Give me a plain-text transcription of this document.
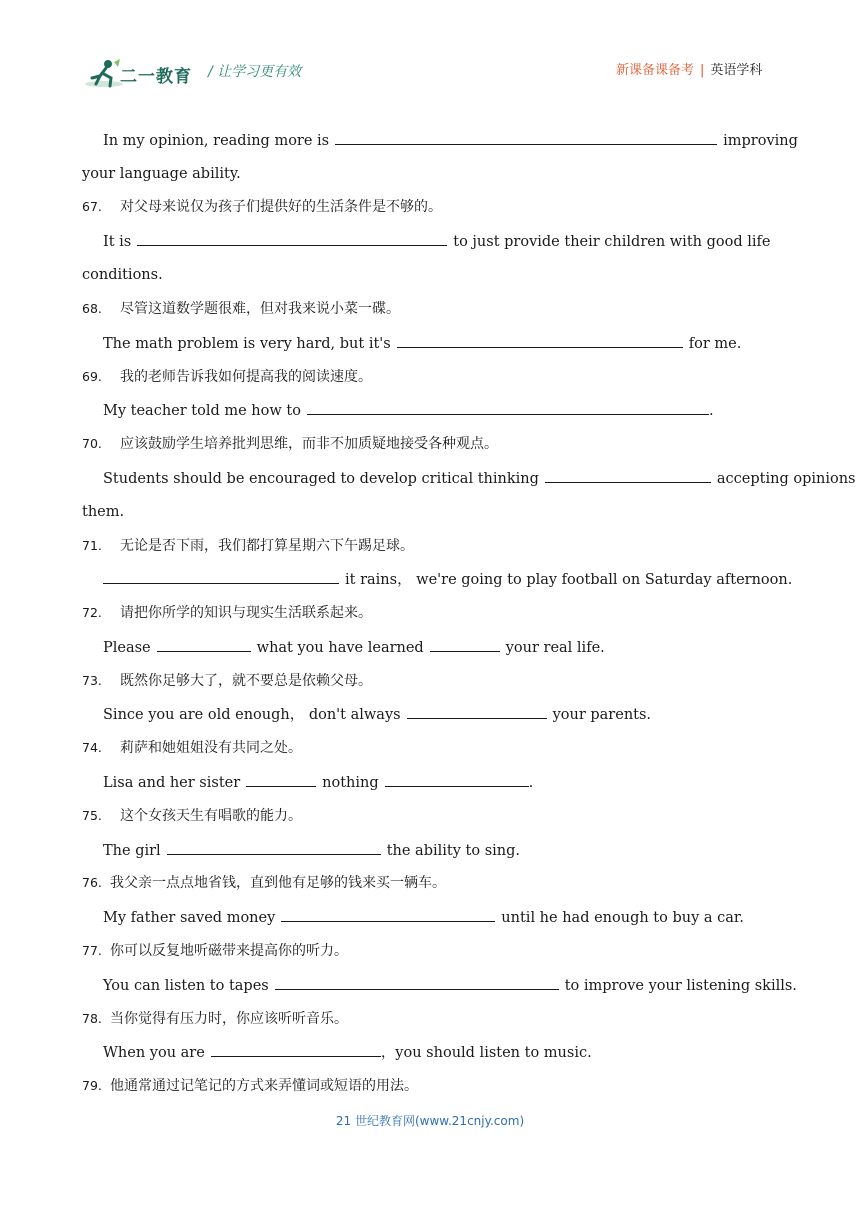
二一教育 / 让学习更有效	新课备课备考 | 英语学科
In my opinion, reading more is	improving
your language ability.
67. 对父母来说仅为孩子们提供好的生活条件是不够的。
It is	to just provide their children with good life
conditions.
68. 尽管这道数学题很难，但对我来说小菜一碟。
The math problem is very hard, but it's	for me.
69. 我的老师告诉我如何提高我的阅读速度。
My teacher told me how to	.
70. 应该鼓励学生培养批判思维，而非不加质疑地接受各种观点。
Students should be encouraged to develop critical thinking	accepting opinions
them.
71. 无论是否下雨，我们都打算星期六下午踢足球。
it rains， we're going to play football on Saturday afternoon.
72. 请把你所学的知识与现实生活联系起来。
Please	what you have learned	your real life.
73. 既然你足够大了，就不要总是依赖父母。
Since you are old enough， don't always	your parents.
74. 莉萨和她姐姐没有共同之处。
Lisa and her sister	nothing	.
75. 这个女孩天生有唱歌的能力。
The girl	the ability to sing.
76. 我父亲一点点地省钱，直到他有足够的钱来买一辆车。
My father saved money	until he had enough to buy a car.
77. 你可以反复地听磁带来提高你的听力。
You can listen to tapes	to improve your listening skills.
78. 当你觉得有压力时，你应该听听音乐。
When you are	，you should listen to music.
79. 他通常通过记笔记的方式来弄懂词或短语的用法。
21 世纪教育网(www.21cnjy.com)
